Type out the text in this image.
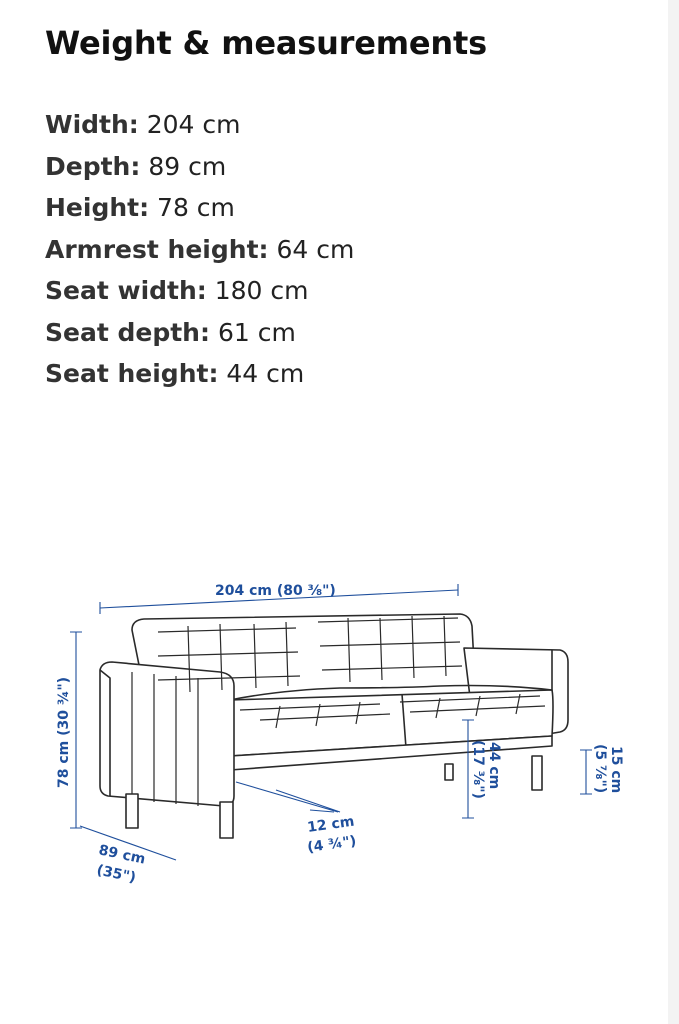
Weight & measurements
Width: 204 cm
Depth: 89 cm
Height: 78 cm
Armrest height: 64 cm
Seat width: 180 cm
Seat depth: 61 cm
Seat height: 44 cm
204 cm (80 ⅜")
78 cm (30 ¾")
89 cm
(35")
12 cm
(4 ¾")
44 cm
(17 ⅜")	15 cm
(5 ⅞")
